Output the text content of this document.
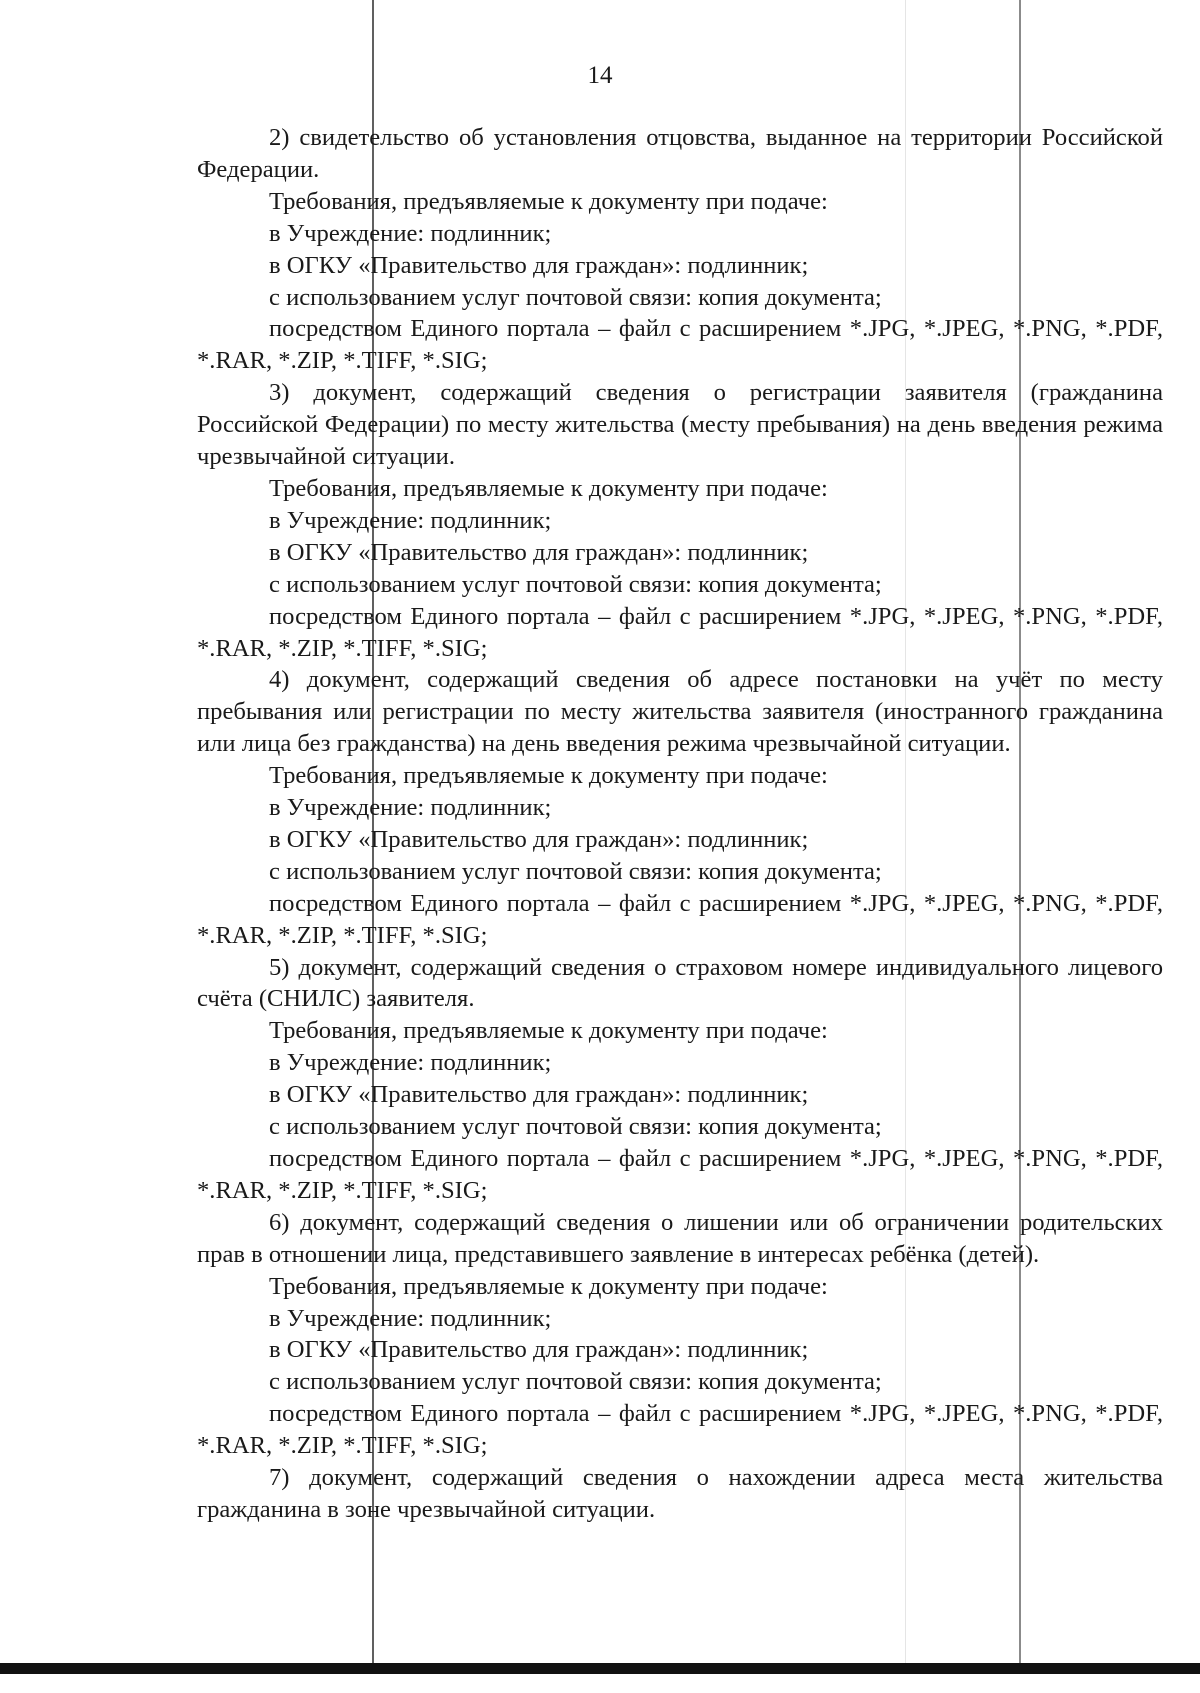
14

2) свидетельство об установления отцовства, выданное на территории Российской Федерации.

Требования, предъявляемые к документу при подаче:

в Учреждение: подлинник;

в ОГКУ «Правительство для граждан»: подлинник;

с использованием услуг почтовой связи: копия документа;

посредством Единого портала – файл с расширением *.JPG, *.JPEG, *.PNG, *.PDF, *.RAR, *.ZIP, *.TIFF, *.SIG;

3) документ, содержащий сведения о регистрации заявителя (гражданина Российской Федерации) по месту жительства (месту пребывания) на день введения режима чрезвычайной ситуации.

Требования, предъявляемые к документу при подаче:

в Учреждение: подлинник;

в ОГКУ «Правительство для граждан»: подлинник;

с использованием услуг почтовой связи: копия документа;

посредством Единого портала – файл с расширением *.JPG, *.JPEG, *.PNG, *.PDF, *.RAR, *.ZIP, *.TIFF, *.SIG;

4) документ, содержащий сведения об адресе постановки на учёт по месту пребывания или регистрации по месту жительства заявителя (иностранного гражданина или лица без гражданства) на день введения режима чрезвычайной ситуации.

Требования, предъявляемые к документу при подаче:

в Учреждение: подлинник;

в ОГКУ «Правительство для граждан»: подлинник;

с использованием услуг почтовой связи: копия документа;

посредством Единого портала – файл с расширением *.JPG, *.JPEG, *.PNG, *.PDF, *.RAR, *.ZIP, *.TIFF, *.SIG;

5) документ, содержащий сведения о страховом номере индивидуального лицевого счёта (СНИЛС) заявителя.

Требования, предъявляемые к документу при подаче:

в Учреждение: подлинник;

в ОГКУ «Правительство для граждан»: подлинник;

с использованием услуг почтовой связи: копия документа;

посредством Единого портала – файл с расширением *.JPG, *.JPEG, *.PNG, *.PDF, *.RAR, *.ZIP, *.TIFF, *.SIG;

6) документ, содержащий сведения о лишении или об ограничении родительских прав в отношении лица, представившего заявление в интересах ребёнка (детей).

Требования, предъявляемые к документу при подаче:

в Учреждение: подлинник;

в ОГКУ «Правительство для граждан»: подлинник;

с использованием услуг почтовой связи: копия документа;

посредством Единого портала – файл с расширением *.JPG, *.JPEG, *.PNG, *.PDF, *.RAR, *.ZIP, *.TIFF, *.SIG;

7) документ, содержащий сведения о нахождении адреса места жительства гражданина в зоне чрезвычайной ситуации.
